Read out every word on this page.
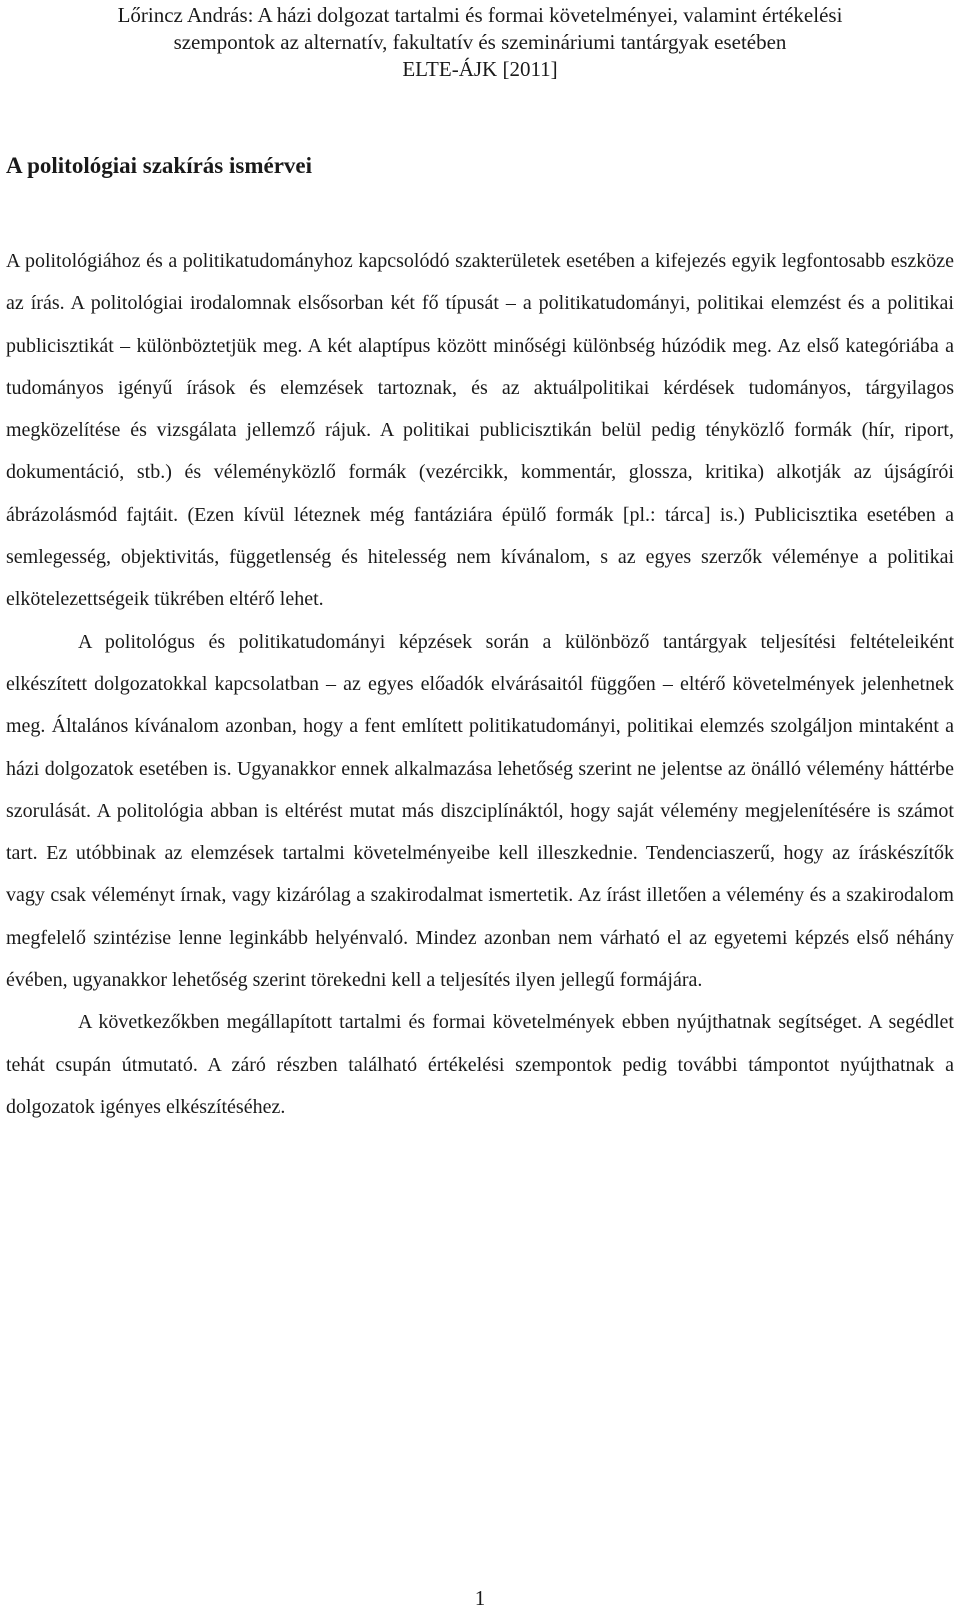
Lőrincz András: A házi dolgozat tartalmi és formai követelményei, valamint értékelési
szempontok az alternatív, fakultatív és szemináriumi tantárgyak esetében
ELTE-ÁJK [2011]
A politológiai szakírás ismérvei

A politológiához és a politikatudományhoz kapcsolódó szakterületek esetében a kifejezés egyik legfontosabb eszköze az írás. A politológiai irodalomnak elsősorban két fő típusát – a politikatudományi, politikai elemzést és a politikai publicisztikát – különböztetjük meg. A két alaptípus között minőségi különbség húzódik meg. Az első kategóriába a tudományos igényű írások és elemzések tartoznak, és az aktuálpolitikai kérdések tudományos, tárgyilagos megközelítése és vizsgálata jellemző rájuk. A politikai publicisztikán belül pedig tényközlő formák (hír, riport, dokumentáció, stb.) és véleményközlő formák (vezércikk, kommentár, glossza, kritika) alkotják az újságírói ábrázolásmód fajtáit. (Ezen kívül léteznek még fantáziára épülő formák [pl.: tárca] is.) Publicisztika esetében a semlegesség, objektivitás, függetlenség és hitelesség nem kívánalom, s az egyes szerzők véleménye a politikai elkötelezettségeik tükrében eltérő lehet.

A politológus és politikatudományi képzések során a különböző tantárgyak teljesítési feltételeiként elkészített dolgozatokkal kapcsolatban – az egyes előadók elvárásaitól függően – eltérő követelmények jelenhetnek meg. Általános kívánalom azonban, hogy a fent említett politikatudományi, politikai elemzés szolgáljon mintaként a házi dolgozatok esetében is. Ugyanakkor ennek alkalmazása lehetőség szerint ne jelentse az önálló vélemény háttérbe szorulását. A politológia abban is eltérést mutat más diszciplínáktól, hogy saját vélemény megjelenítésére is számot tart. Ez utóbbinak az elemzések tartalmi követelményeibe kell illeszkednie. Tendenciaszerű, hogy az íráskészítők vagy csak véleményt írnak, vagy kizárólag a szakirodalmat ismertetik. Az írást illetően a vélemény és a szakirodalom megfelelő szintézise lenne leginkább helyénvaló. Mindez azonban nem várható el az egyetemi képzés első néhány évében, ugyanakkor lehetőség szerint törekedni kell a teljesítés ilyen jellegű formájára.

A következőkben megállapított tartalmi és formai követelmények ebben nyújthatnak segítséget. A segédlet tehát csupán útmutató. A záró részben található értékelési szempontok pedig további támpontot nyújthatnak a dolgozatok igényes elkészítéséhez.

1
